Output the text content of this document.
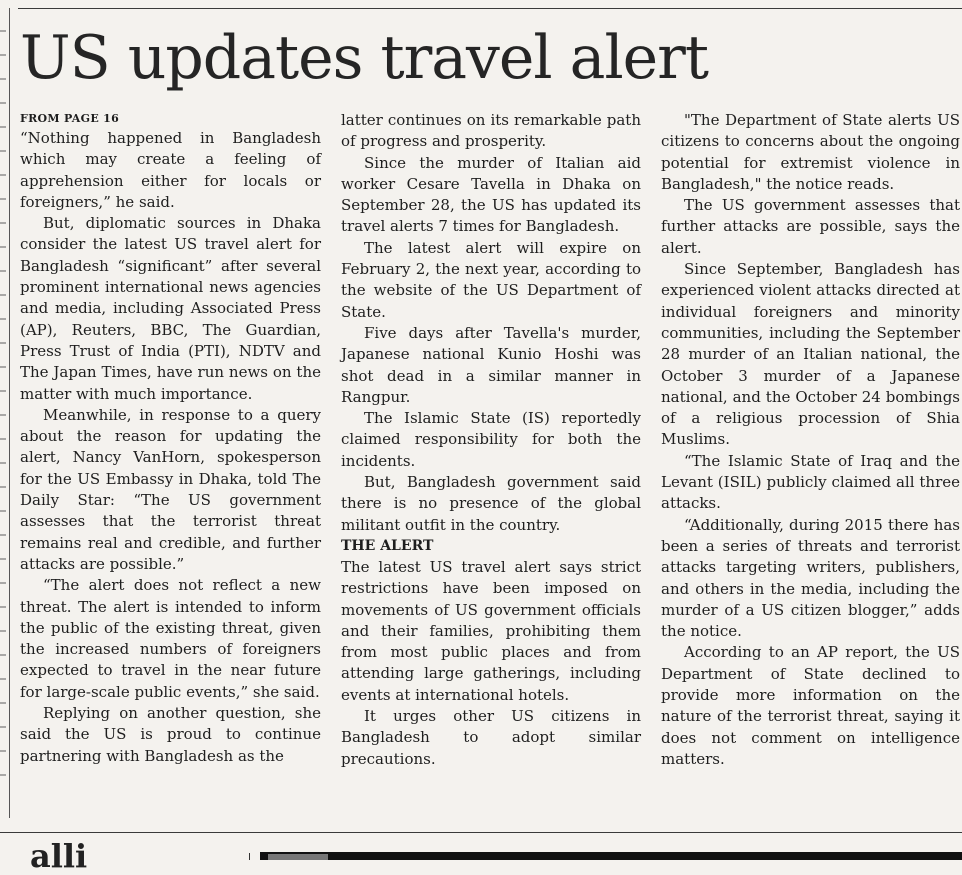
US updates travel alert
FROM PAGE 16

“Nothing happened in Bangladesh which may create a feeling of apprehension either for locals or foreigners,” he said.

But, diplomatic sources in Dhaka consider the latest US travel alert for Bangladesh “significant” after several prominent international news agencies and media, including Associated Press (AP), Reuters, BBC, The Guardian, Press Trust of India (PTI), NDTV and The Japan Times, have run news on the matter with much importance.

Meanwhile, in response to a query about the reason for updating the alert, Nancy VanHorn, spokesperson for the US Embassy in Dhaka, told The Daily Star: “The US government assesses that the terrorist threat remains real and credible, and further attacks are possible.”

“The alert does not reflect a new threat. The alert is intended to inform the public of the existing threat, given the increased numbers of foreigners expected to travel in the near future for large-scale public events,” she said.

Replying on another question, she said the US is proud to continue partnering with Bangladesh as the

latter continues on its remarkable path of progress and prosperity.

Since the murder of Italian aid worker Cesare Tavella in Dhaka on September 28, the US has updated its travel alerts 7 times for Bangladesh.

The latest alert will expire on February 2, the next year, according to the website of the US Department of State.

Five days after Tavella's murder, Japanese national Kunio Hoshi was shot dead in a similar manner in Rangpur.

The Islamic State (IS) reportedly claimed responsibility for both the incidents.

But, Bangladesh government said there is no presence of the global militant outfit in the country.

THE ALERT

The latest US travel alert says strict restrictions have been imposed on movements of US government officials and their families, prohibiting them from most public places and from attending large gatherings, including events at international hotels.

It urges other US citizens in Bangladesh to adopt similar precautions.

"The Department of State alerts US citizens to concerns about the ongoing potential for extremist violence in Bangladesh," the notice reads.

The US government assesses that further attacks are possible, says the alert.

Since September, Bangladesh has experienced violent attacks directed at individual foreigners and minority communities, including the September 28 murder of an Italian national, the October 3 murder of a Japanese national, and the October 24 bombings of a religious procession of Shia Muslims.

“The Islamic State of Iraq and the Levant (ISIL) publicly claimed all three attacks.

“Additionally, during 2015 there has been a series of threats and terrorist attacks targeting writers, publishers, and others in the media, including the murder of a US citizen blogger,” adds the notice.

According to an AP report, the US Department of State declined to provide more information on the nature of the terrorist threat, saying it does not comment on intelligence matters.

alli
